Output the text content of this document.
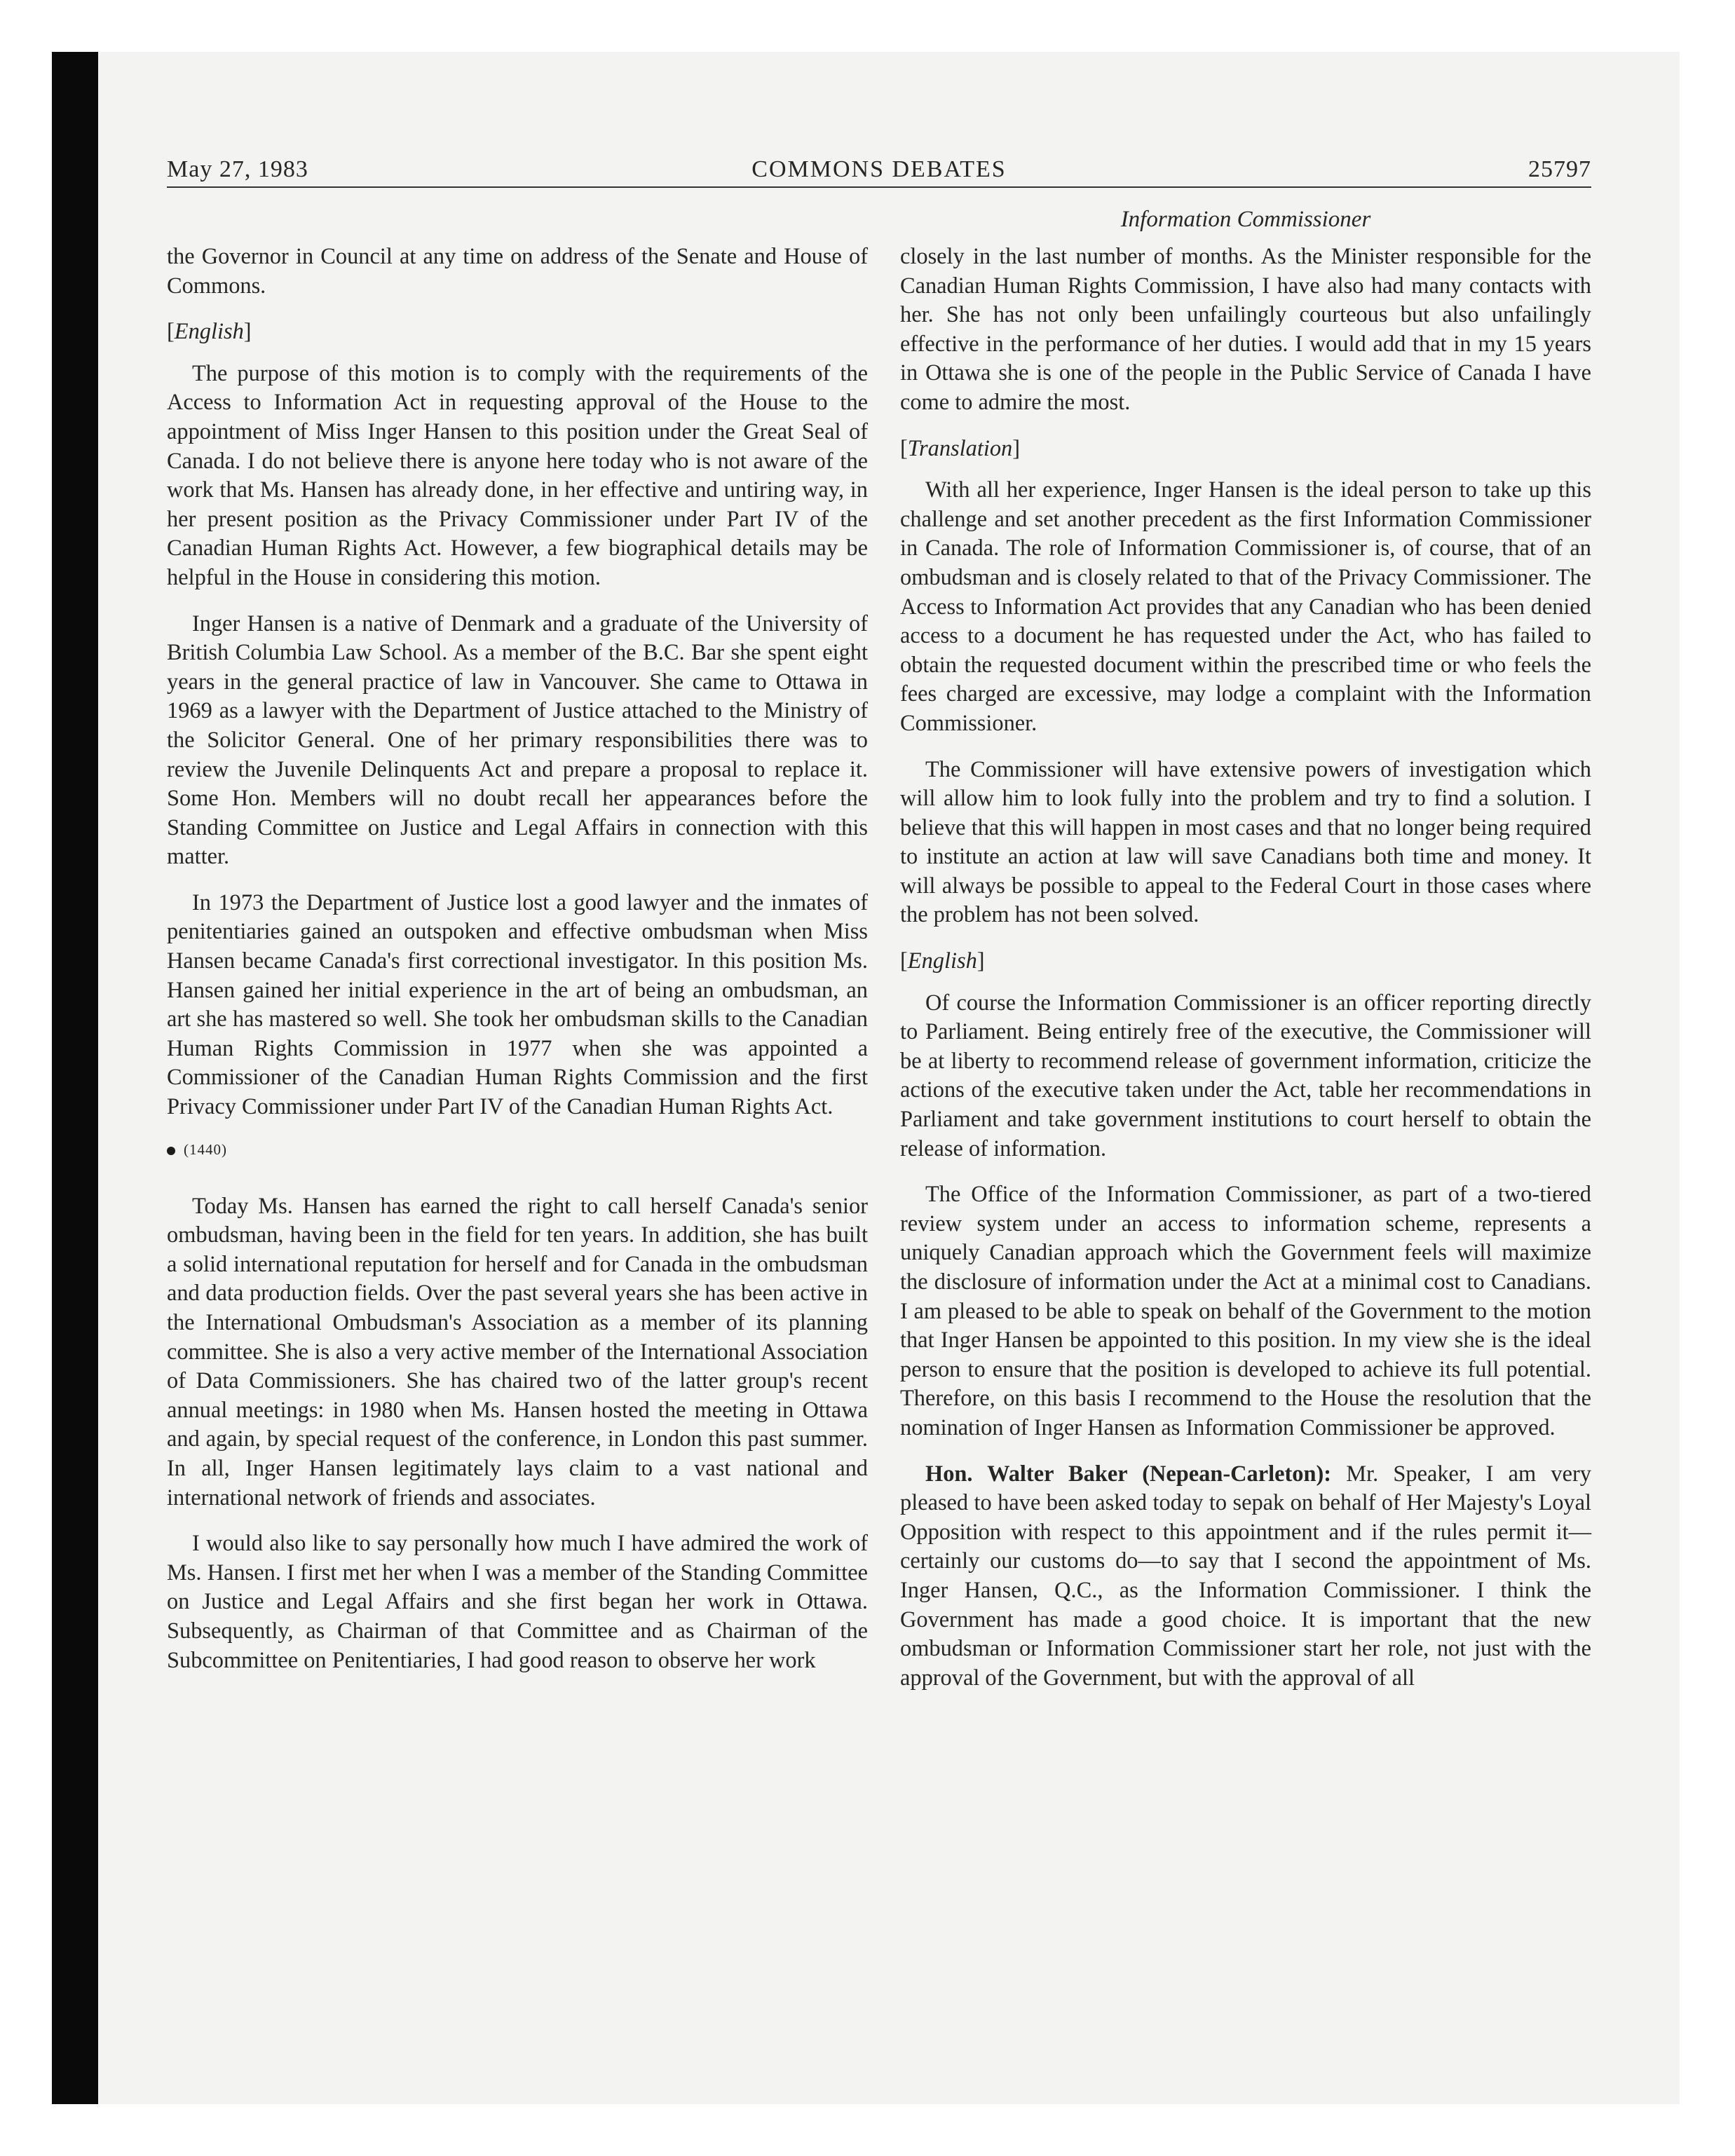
May 27, 1983	COMMONS DEBATES	25797
Information Commissioner

the Governor in Council at any time on address of the Senate and House of Commons.

[English]

The purpose of this motion is to comply with the requirements of the Access to Information Act in requesting approval of the House to the appointment of Miss Inger Hansen to this position under the Great Seal of Canada. I do not believe there is anyone here today who is not aware of the work that Ms. Hansen has already done, in her effective and untiring way, in her present position as the Privacy Commissioner under Part IV of the Canadian Human Rights Act. However, a few biographical details may be helpful in the House in considering this motion.

Inger Hansen is a native of Denmark and a graduate of the University of British Columbia Law School. As a member of the B.C. Bar she spent eight years in the general practice of law in Vancouver. She came to Ottawa in 1969 as a lawyer with the Department of Justice attached to the Ministry of the Solicitor General. One of her primary responsibilities there was to review the Juvenile Delinquents Act and prepare a proposal to replace it. Some Hon. Members will no doubt recall her appearances before the Standing Committee on Justice and Legal Affairs in connection with this matter.

In 1973 the Department of Justice lost a good lawyer and the inmates of penitentiaries gained an outspoken and effective ombudsman when Miss Hansen became Canada's first correctional investigator. In this position Ms. Hansen gained her initial experience in the art of being an ombudsman, an art she has mastered so well. She took her ombudsman skills to the Canadian Human Rights Commission in 1977 when she was appointed a Commissioner of the Canadian Human Rights Commission and the first Privacy Commissioner under Part IV of the Canadian Human Rights Act.

(1440)

Today Ms. Hansen has earned the right to call herself Canada's senior ombudsman, having been in the field for ten years. In addition, she has built a solid international reputation for herself and for Canada in the ombudsman and data production fields. Over the past several years she has been active in the International Ombudsman's Association as a member of its planning committee. She is also a very active member of the International Association of Data Commissioners. She has chaired two of the latter group's recent annual meetings: in 1980 when Ms. Hansen hosted the meeting in Ottawa and again, by special request of the conference, in London this past summer. In all, Inger Hansen legitimately lays claim to a vast national and international network of friends and associates.

I would also like to say personally how much I have admired the work of Ms. Hansen. I first met her when I was a member of the Standing Committee on Justice and Legal Affairs and she first began her work in Ottawa. Subsequently, as Chairman of that Committee and as Chairman of the Subcommittee on Penitentiaries, I had good reason to observe her work

closely in the last number of months. As the Minister responsible for the Canadian Human Rights Commission, I have also had many contacts with her. She has not only been unfailingly courteous but also unfailingly effective in the performance of her duties. I would add that in my 15 years in Ottawa she is one of the people in the Public Service of Canada I have come to admire the most.

[Translation]

With all her experience, Inger Hansen is the ideal person to take up this challenge and set another precedent as the first Information Commissioner in Canada. The role of Information Commissioner is, of course, that of an ombudsman and is closely related to that of the Privacy Commissioner. The Access to Information Act provides that any Canadian who has been denied access to a document he has requested under the Act, who has failed to obtain the requested document within the prescribed time or who feels the fees charged are excessive, may lodge a complaint with the Information Commissioner.

The Commissioner will have extensive powers of investigation which will allow him to look fully into the problem and try to find a solution. I believe that this will happen in most cases and that no longer being required to institute an action at law will save Canadians both time and money. It will always be possible to appeal to the Federal Court in those cases where the problem has not been solved.

[English]

Of course the Information Commissioner is an officer reporting directly to Parliament. Being entirely free of the executive, the Commissioner will be at liberty to recommend release of government information, criticize the actions of the executive taken under the Act, table her recommendations in Parliament and take government institutions to court herself to obtain the release of information.

The Office of the Information Commissioner, as part of a two-tiered review system under an access to information scheme, represents a uniquely Canadian approach which the Government feels will maximize the disclosure of information under the Act at a minimal cost to Canadians. I am pleased to be able to speak on behalf of the Government to the motion that Inger Hansen be appointed to this position. In my view she is the ideal person to ensure that the position is developed to achieve its full potential. Therefore, on this basis I recommend to the House the resolution that the nomination of Inger Hansen as Information Commissioner be approved.

Hon. Walter Baker (Nepean-Carleton): Mr. Speaker, I am very pleased to have been asked today to sepak on behalf of Her Majesty's Loyal Opposition with respect to this appointment and if the rules permit it—certainly our customs do—to say that I second the appointment of Ms. Inger Hansen, Q.C., as the Information Commissioner. I think the Government has made a good choice. It is important that the new ombudsman or Information Commissioner start her role, not just with the approval of the Government, but with the approval of all
